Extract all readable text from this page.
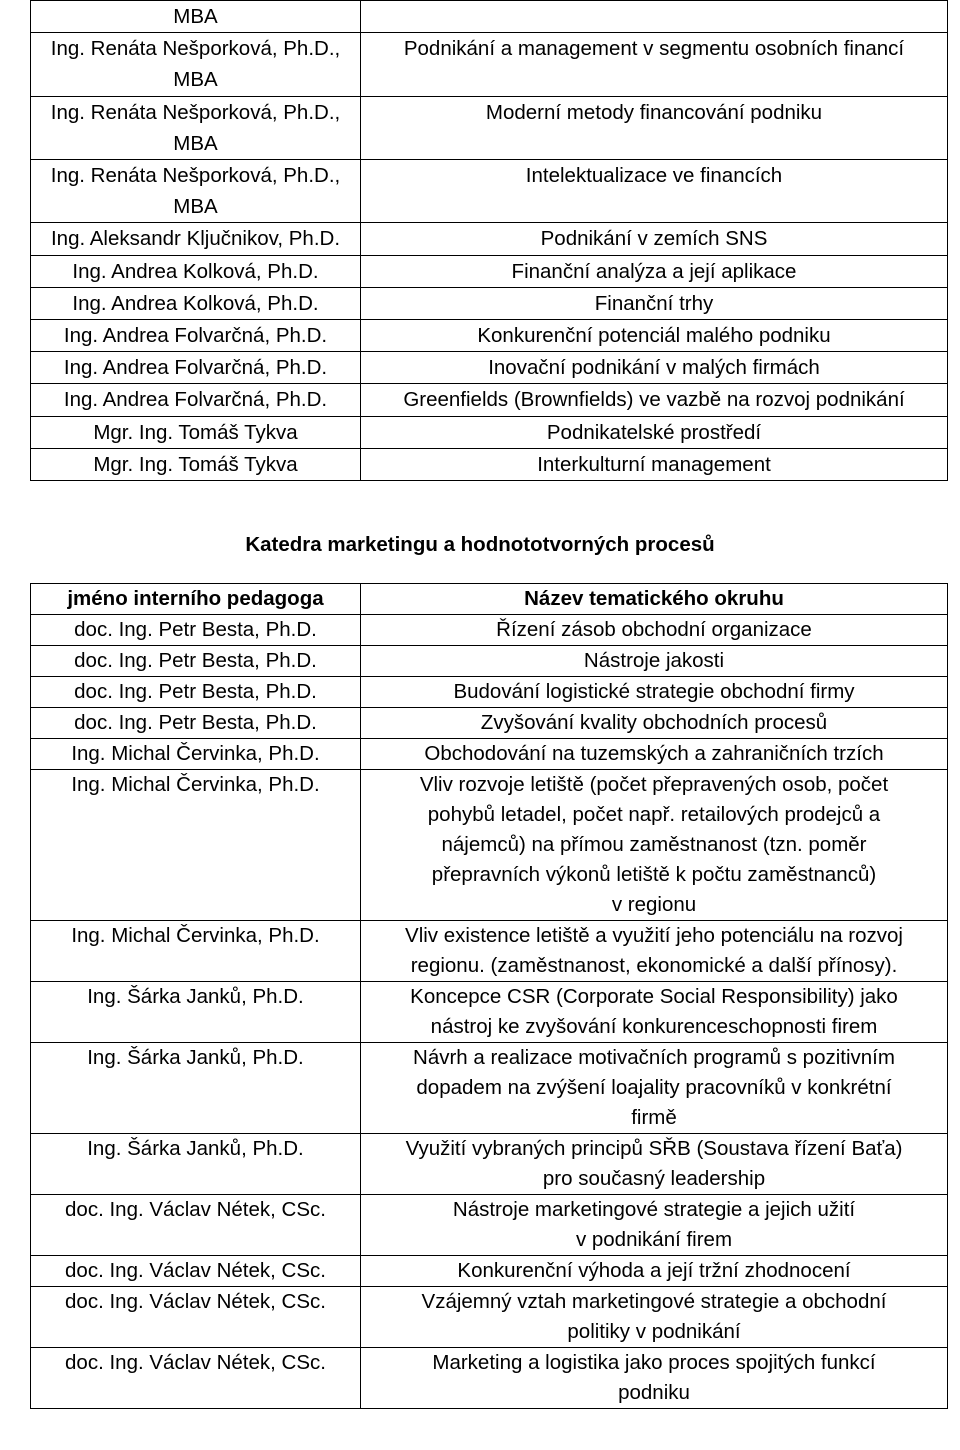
MBA	

Ing. Renáta Nešporková, Ph.D.,
MBA	Podnikání a management v segmentu osobních financí

Ing. Renáta Nešporková, Ph.D.,
MBA	Moderní metody financování podniku

Ing. Renáta Nešporková, Ph.D.,
MBA	Intelektualizace ve financích

Ing. Aleksandr Ključnikov, Ph.D.	Podnikání v zemích SNS

Ing. Andrea Kolková, Ph.D.	Finanční analýza a její aplikace

Ing. Andrea Kolková, Ph.D.	Finanční trhy

Ing. Andrea Folvarčná, Ph.D.	Konkurenční potenciál malého podniku

Ing. Andrea Folvarčná, Ph.D.	Inovační podnikání v malých firmách

Ing. Andrea Folvarčná, Ph.D.	Greenfields (Brownfields) ve vazbě na rozvoj podnikání

Mgr. Ing. Tomáš Tykva	Podnikatelské prostředí

Mgr. Ing. Tomáš Tykva	Interkulturní management
Katedra marketingu a hodnototvorných procesů
jméno interního pedagoga	Název tematického okruhu
doc. Ing. Petr Besta, Ph.D.	Řízení zásob obchodní organizace

doc. Ing. Petr Besta, Ph.D.	Nástroje jakosti

doc. Ing. Petr Besta, Ph.D.	Budování logistické strategie obchodní firmy

doc. Ing. Petr Besta, Ph.D.	Zvyšování kvality obchodních procesů

Ing. Michal Červinka, Ph.D.	Obchodování na tuzemských a zahraničních trzích

Ing. Michal Červinka, Ph.D.	Vliv rozvoje letiště (počet přepravených osob, počet
pohybů letadel, počet např. retailových prodejců a
nájemců) na přímou zaměstnanost (tzn. poměr
přepravních výkonů letiště k počtu zaměstnanců)
v regionu

Ing. Michal Červinka, Ph.D.	Vliv existence letiště a využití jeho potenciálu na rozvoj
regionu. (zaměstnanost, ekonomické a další přínosy).

Ing. Šárka Janků, Ph.D.	Koncepce CSR (Corporate Social Responsibility) jako
nástroj ke zvyšování konkurenceschopnosti firem

Ing. Šárka Janků, Ph.D.	Návrh a realizace motivačních programů s pozitivním
dopadem na zvýšení loajality pracovníků v konkrétní
firmě

Ing. Šárka Janků, Ph.D.	Využití vybraných principů SŘB (Soustava řízení Baťa)
pro současný leadership

doc. Ing. Václav Nétek, CSc.	Nástroje marketingové strategie a jejich užití
v podnikání firem

doc. Ing. Václav Nétek, CSc.	Konkurenční výhoda a její tržní zhodnocení

doc. Ing. Václav Nétek, CSc.	Vzájemný vztah marketingové strategie a obchodní
politiky v podnikání

doc. Ing. Václav Nétek, CSc.	Marketing a logistika jako proces spojitých funkcí
podniku
